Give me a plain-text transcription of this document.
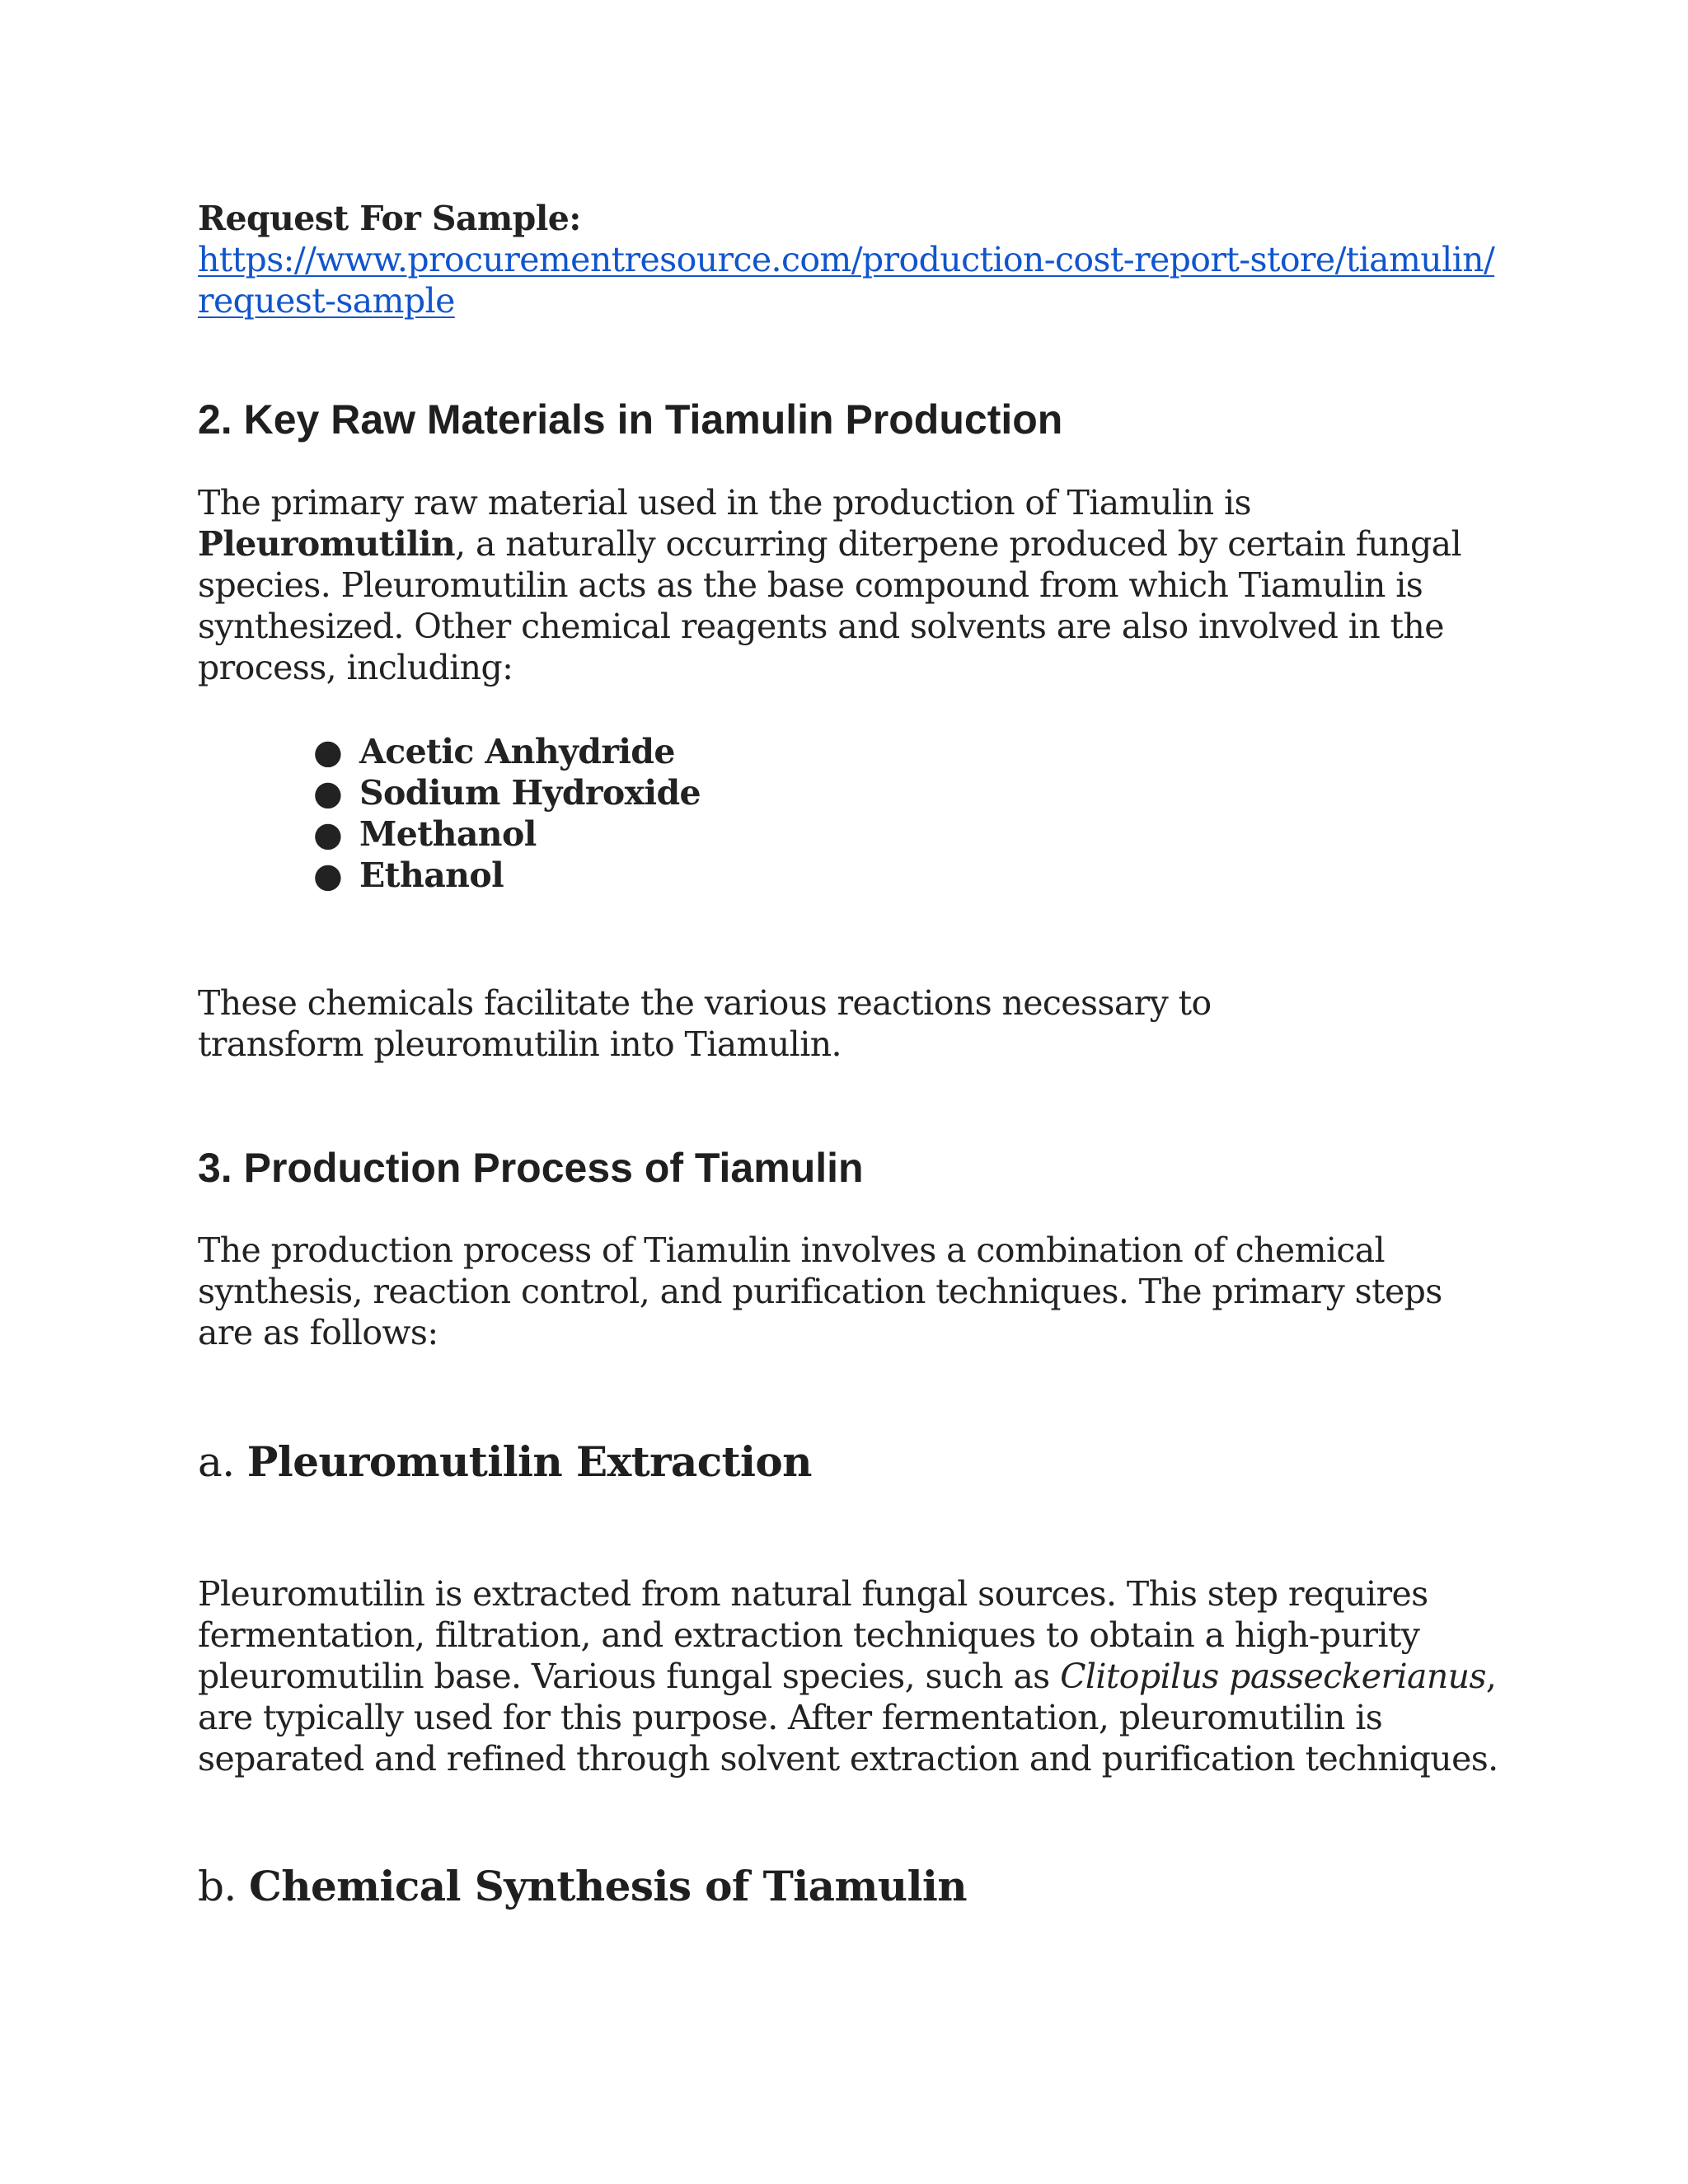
Request For Sample:

https://www.procurementresource.com/production-cost-report-store/tiamulin/

request-sample

2. Key Raw Materials in Tiamulin Production

The primary raw material used in the production of Tiamulin is Pleuromutilin, a naturally occurring diterpene produced by certain fungal species. Pleuromutilin acts as the base compound from which Tiamulin is synthesized. Other chemical reagents and solvents are also involved in the process, including:

● Acetic Anhydride
● Sodium Hydroxide
● Methanol
● Ethanol
These chemicals facilitate the various reactions necessary to transform pleuromutilin into Tiamulin.
3. Production Process of Tiamulin
The production process of Tiamulin involves a combination of chemical synthesis, reaction control, and purification techniques. The primary steps are as follows:
a. Pleuromutilin Extraction

Pleuromutilin is extracted from natural fungal sources. This step requires fermentation, filtration, and extraction techniques to obtain a high-purity pleuromutilin base. Various fungal species, such as Clitopilus passeckerianus, are typically used for this purpose. After fermentation, pleuromutilin is separated and refined through solvent extraction and purification techniques.

b. Chemical Synthesis of Tiamulin
